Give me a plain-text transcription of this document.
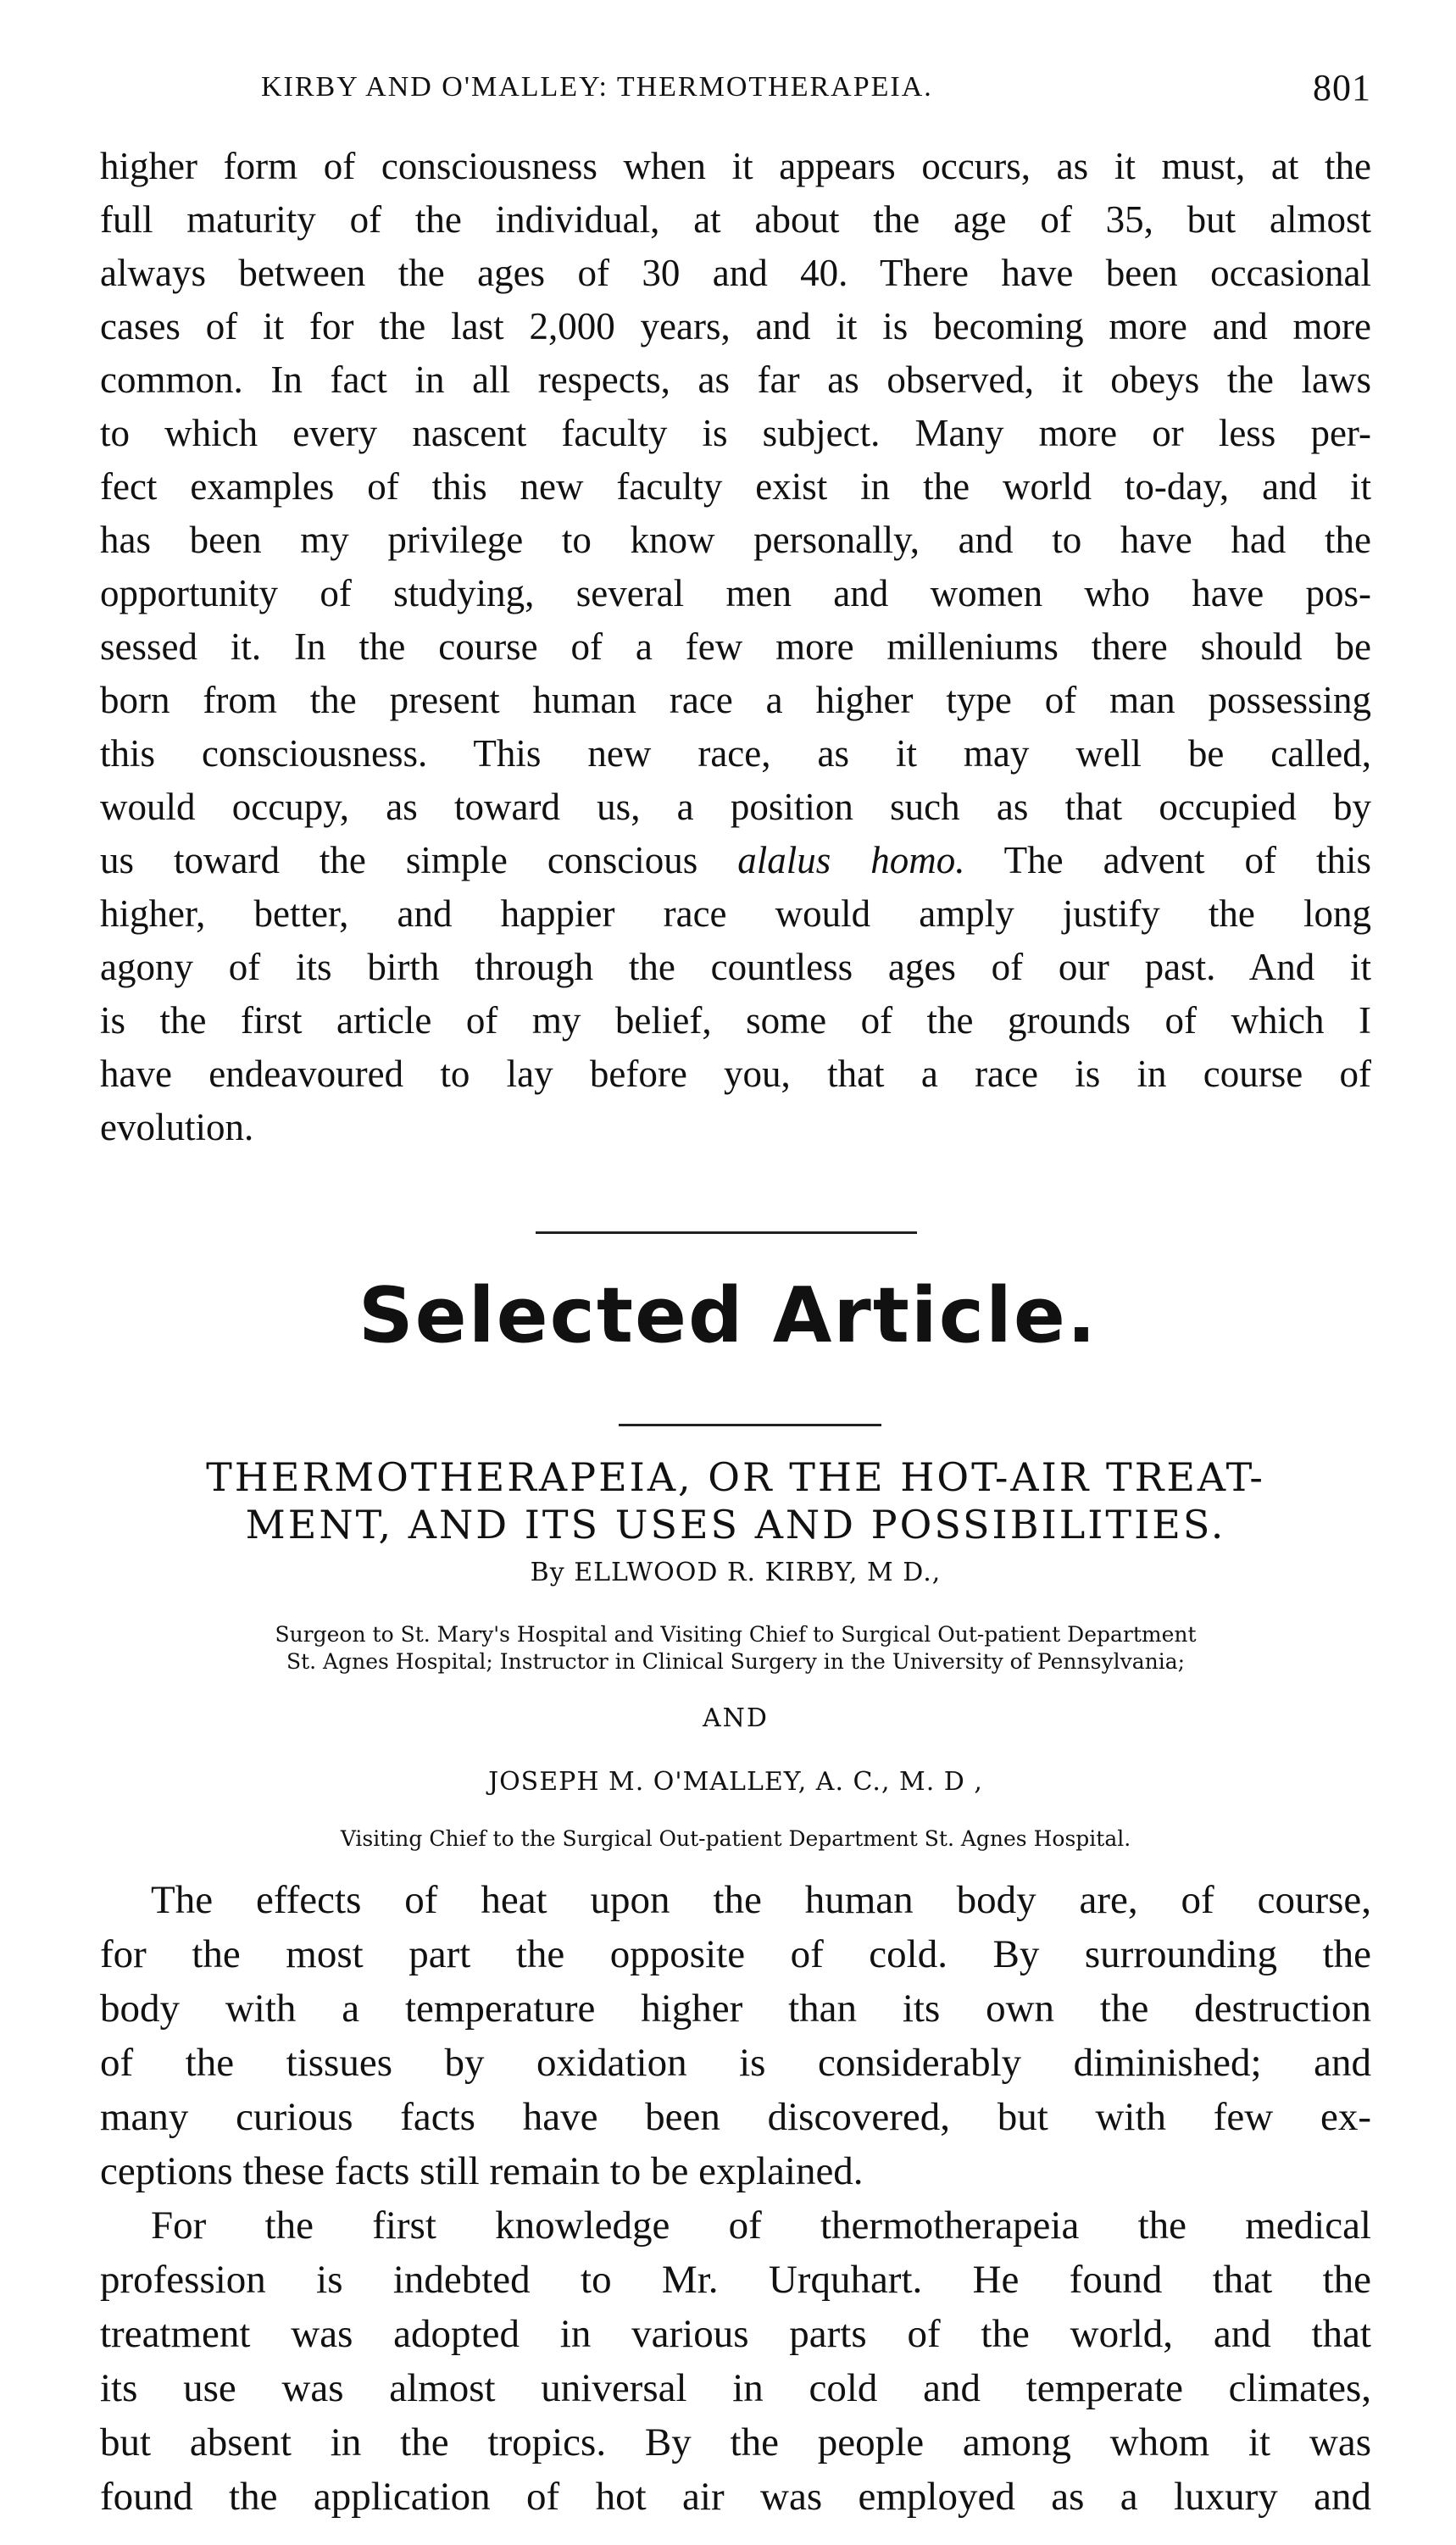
KIRBY AND O'MALLEY: THERMOTHERAPEIA.	801
higher form of consciousness when it appears occurs, as it must, at the
full maturity of the individual, at about the age of 35, but almost
always between the ages of 30 and 40. There have been occasional
cases of it for the last 2,000 years, and it is becoming more and more
common. In fact in all respects, as far as observed, it obeys the laws
to which every nascent faculty is subject. Many more or less per-
fect examples of this new faculty exist in the world to-day, and it
has been my privilege to know personally, and to have had the
opportunity of studying, several men and women who have pos-
sessed it. In the course of a few more milleniums there should be
born from the present human race a higher type of man possessing
this consciousness. This new race, as it may well be called,
would occupy, as toward us, a position such as that occupied by
us toward the simple conscious alalus homo. The advent of this
higher, better, and happier race would amply justify the long
agony of its birth through the countless ages of our past. And it
is the first article of my belief, some of the grounds of which I
have endeavoured to lay before you, that a race is in course of
evolution.
Selected Article.
THERMOTHERAPEIA, OR THE HOT-AIR TREAT-
MENT, AND ITS USES AND POSSIBILITIES.
By ELLWOOD R. KIRBY, M D.,
Surgeon to St. Mary's Hospital and Visiting Chief to Surgical Out-patient Department
St. Agnes Hospital; Instructor in Clinical Surgery in the University of Pennsylvania;
AND
JOSEPH M. O'MALLEY, A. C., M. D ,
Visiting Chief to the Surgical Out-patient Department St. Agnes Hospital.
The effects of heat upon the human body are, of course,
for the most part the opposite of cold. By surrounding the
body with a temperature higher than its own the destruction
of the tissues by oxidation is considerably diminished; and
many curious facts have been discovered, but with few ex-
ceptions these facts still remain to be explained.
For the first knowledge of thermotherapeia the medical
profession is indebted to Mr. Urquhart. He found that the
treatment was adopted in various parts of the world, and that
its use was almost universal in cold and temperate climates,
but absent in the tropics. By the people among whom it was
found the application of hot air was employed as a luxury and
